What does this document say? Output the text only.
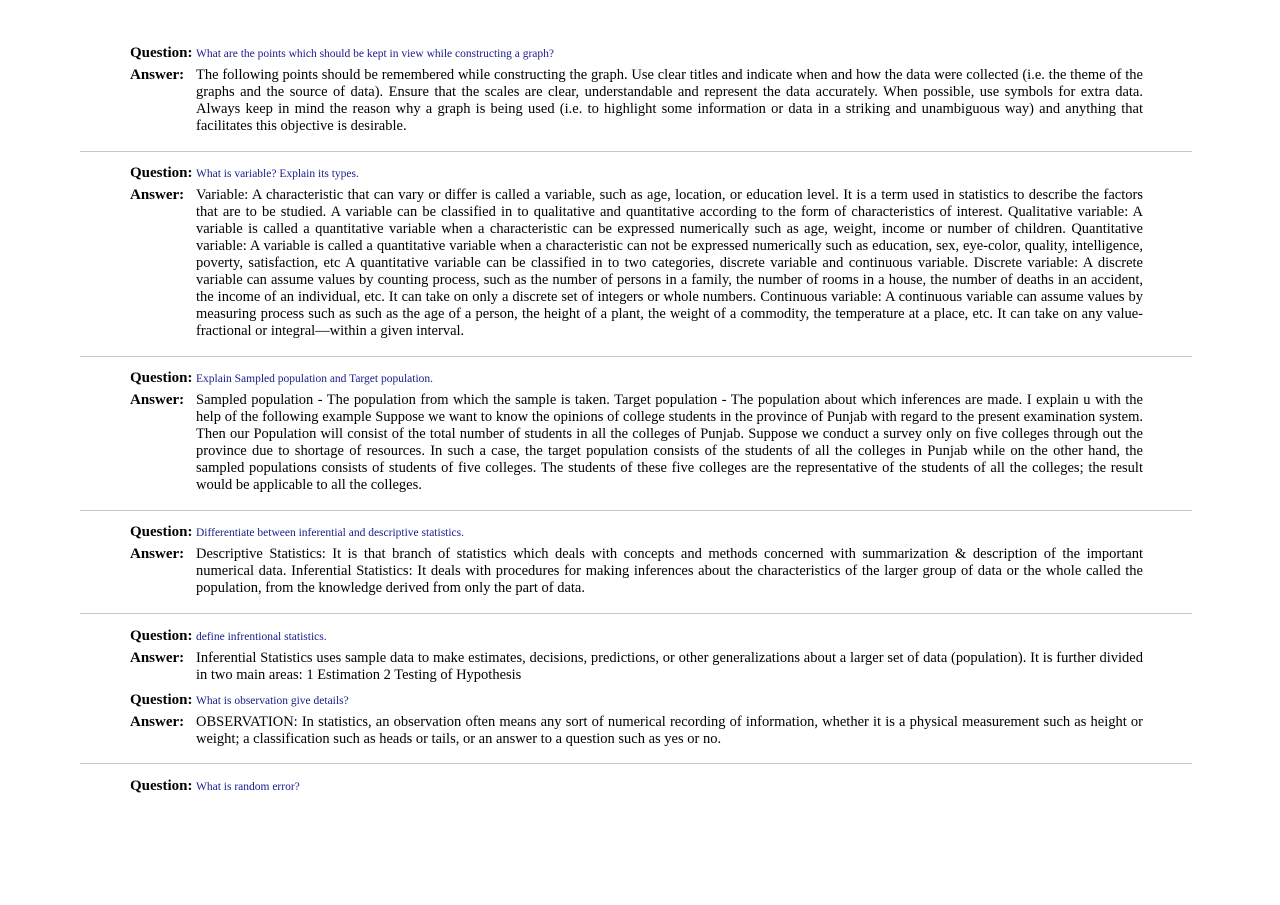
Question: What are the points which should be kept in view while constructing a graph?
Answer: The following points should be remembered while constructing the graph. Use clear titles and indicate when and how the data were collected (i.e. the theme of the graphs and the source of data). Ensure that the scales are clear, understandable and represent the data accurately. When possible, use symbols for extra data. Always keep in mind the reason why a graph is being used (i.e. to highlight some information or data in a striking and unambiguous way) and anything that facilitates this objective is desirable.
Question: What is variable? Explain its types.
Answer: Variable: A characteristic that can vary or differ is called a variable, such as age, location, or education level. It is a term used in statistics to describe the factors that are to be studied. A variable can be classified in to qualitative and quantitative according to the form of characteristics of interest. Qualitative variable: A variable is called a quantitative variable when a characteristic can be expressed numerically such as age, weight, income or number of children. Quantitative variable: A variable is called a quantitative variable when a characteristic can not be expressed numerically such as education, sex, eye-color, quality, intelligence, poverty, satisfaction, etc A quantitative variable can be classified in to two categories, discrete variable and continuous variable. Discrete variable: A discrete variable can assume values by counting process, such as the number of persons in a family, the number of rooms in a house, the number of deaths in an accident, the income of an individual, etc. It can take on only a discrete set of integers or whole numbers. Continuous variable: A continuous variable can assume values by measuring process such as such as the age of a person, the height of a plant, the weight of a commodity, the temperature at a place, etc. It can take on any value-fractional or integral—within a given interval.
Question: Explain Sampled population and Target population.
Answer: Sampled population - The population from which the sample is taken. Target population - The population about which inferences are made. I explain u with the help of the following example Suppose we want to know the opinions of college students in the province of Punjab with regard to the present examination system. Then our Population will consist of the total number of students in all the colleges of Punjab. Suppose we conduct a survey only on five colleges through out the province due to shortage of resources. In such a case, the target population consists of the students of all the colleges in Punjab while on the other hand, the sampled populations consists of students of five colleges. The students of these five colleges are the representative of the students of all the colleges; the result would be applicable to all the colleges.
Question: Differentiate between inferential and descriptive statistics.
Answer: Descriptive Statistics: It is that branch of statistics which deals with concepts and methods concerned with summarization & description of the important numerical data. Inferential Statistics: It deals with procedures for making inferences about the characteristics of the larger group of data or the whole called the population, from the knowledge derived from only the part of data.
Question: define infrentional statistics.
Answer: Inferential Statistics uses sample data to make estimates, decisions, predictions, or other generalizations about a larger set of data (population). It is further divided in two main areas: 1 Estimation 2 Testing of Hypothesis
Question: What is observation give details?
Answer: OBSERVATION: In statistics, an observation often means any sort of numerical recording of information, whether it is a physical measurement such as height or weight; a classification such as heads or tails, or an answer to a question such as yes or no.
Question: What is random error?
